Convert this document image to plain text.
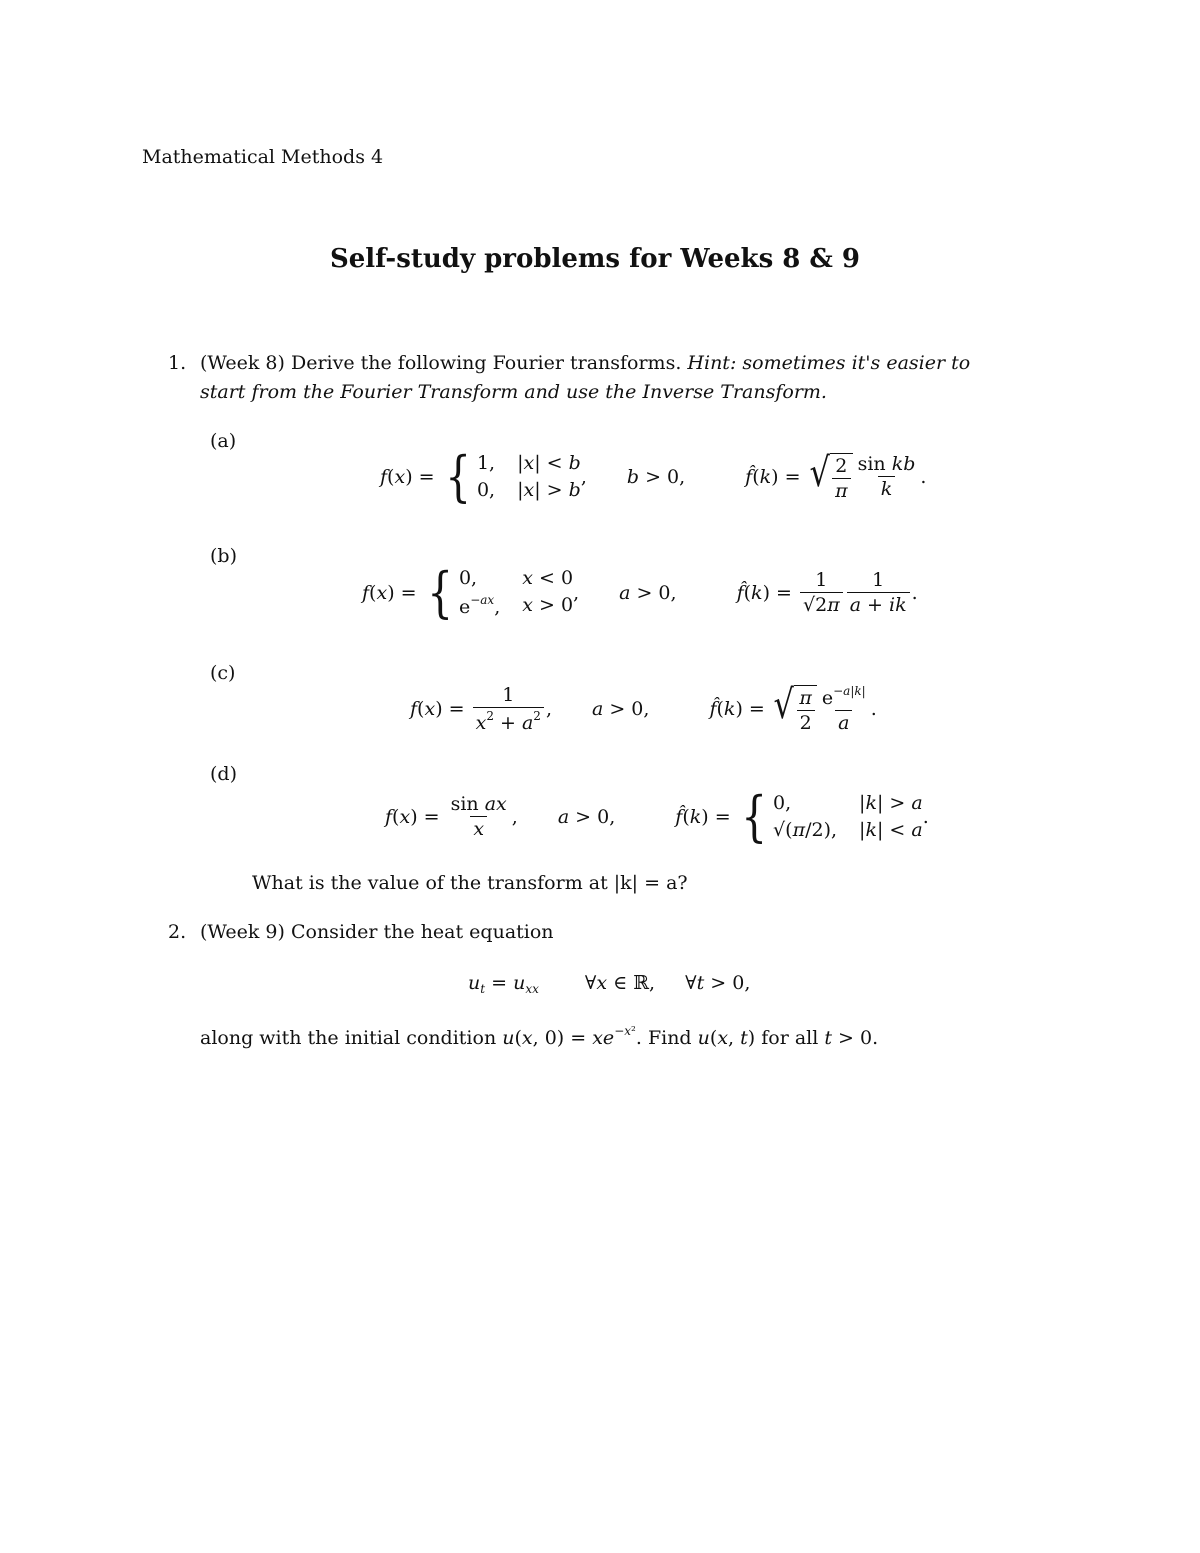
Mathematical Methods 4
Self-study problems for Weeks 8 & 9
1. (Week 8) Derive the following Fourier transforms. Hint: sometimes it's easier to
start from the Fourier Transform and use the Inverse Transform.
(a)
f ( x ) = { 1, |x| < b
0, |x| > b
, b > 0,	f̂(k) = √ $\frac{2}{\pi} \frac{\text{sin kb}}{k}$ .
(b)
f ( x ) = { 0,	x < 0
$e^{-ax}$, x > 0
, a > 0,	f̂(k) = $\frac{1}{√2\pi} \frac{1}{a + ik}$ .
(c)
f ( x ) = $\frac{1}{x^2 + a^2}$ , a > 0,	f̂(k) = √ $\frac{\pi}{2} \frac{e^{-a|k|}}{a}$ .
(d)
f ( x ) = $\frac{\text{sin ax}}{x}$ , a > 0,	f̂(k) = { 0,	|k| > a
√(π/2), |k| < a
.
What is the value of the transform at |k| = a?
2. (Week 9) Consider the heat equation
$u_t = u_{xx}$ ∀x ∈ ℝ, ∀t > 0,
along with the initial condition u(x, $0) = xe^{-x^2}$. Find u(x, t) for all t > 0.
